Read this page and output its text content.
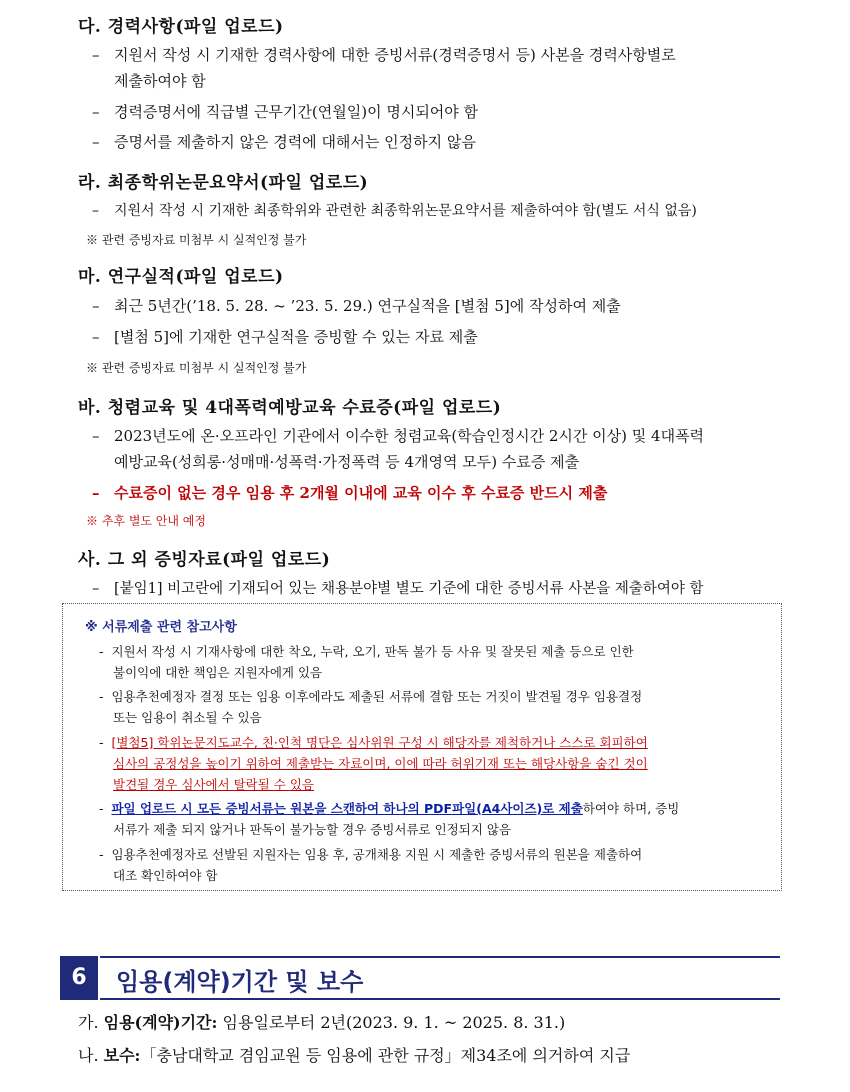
다. 경력사항(파일 업로드)
– 지원서 작성 시 기재한 경력사항에 대한 증빙서류(경력증명서 등) 사본을 경력사항별로
제출하여야 함
– 경력증명서에 직급별 근무기간(연월일)이 명시되어야 함
– 증명서를 제출하지 않은 경력에 대해서는 인정하지 않음
라. 최종학위논문요약서(파일 업로드)
– 지원서 작성 시 기재한 최종학위와 관련한 최종학위논문요약서를 제출하여야 함(별도 서식 없음)
※ 관련 증빙자료 미첨부 시 실적인정 불가
마. 연구실적(파일 업로드)
– 최근 5년간(’18. 5. 28. ~ ’23. 5. 29.) 연구실적을 [별첨 5]에 작성하여 제출
– [별첨 5]에 기재한 연구실적을 증빙할 수 있는 자료 제출
※ 관련 증빙자료 미첨부 시 실적인정 불가
바. 청렴교육 및 4대폭력예방교육 수료증(파일 업로드)
– 2023년도에 온·오프라인 기관에서 이수한 청렴교육(학습인정시간 2시간 이상) 및 4대폭력
예방교육(성희롱·성매매·성폭력·가정폭력 등 4개영역 모두) 수료증 제출
– 수료증이 없는 경우 임용 후 2개월 이내에 교육 이수 후 수료증 반드시 제출
※ 추후 별도 안내 예정
사. 그 외 증빙자료(파일 업로드)
– [붙임1] 비고란에 기재되어 있는 채용분야별 별도 기준에 대한 증빙서류 사본을 제출하여야 함
※ 서류제출 관련 참고사항
- 지원서 작성 시 기재사항에 대한 착오, 누락, 오기, 판독 불가 등 사유 및 잘못된 제출 등으로 인한
불이익에 대한 책임은 지원자에게 있음
- 임용추천예정자 결정 또는 임용 이후에라도 제출된 서류에 결함 또는 거짓이 발견될 경우 임용결정
또는 임용이 취소될 수 있음
- [별첨5] 학위논문지도교수, 친·인척 명단은 심사위원 구성 시 해당자를 제척하거나 스스로 회피하여
심사의 공정성을 높이기 위하여 제출받는 자료이며, 이에 따라 허위기재 또는 해당사항을 숨긴 것이
발견될 경우 심사에서 탈락될 수 있음
- 파일 업로드 시 모든 증빙서류는 원본을 스캔하여 하나의 PDF파일(A4사이즈)로 제출하여야 하며, 증빙
서류가 제출 되지 않거나 판독이 불가능할 경우 증빙서류로 인정되지 않음
- 임용추천예정자로 선발된 지원자는 임용 후, 공개채용 지원 시 제출한 증빙서류의 원본을 제출하여
대조 확인하여야 함
6	임용(계약)기간 및 보수
가. 임용(계약)기간: 임용일로부터 2년(2023. 9. 1. ~ 2025. 8. 31.)
나. 보수:「충남대학교 겸임교원 등 임용에 관한 규정」제34조에 의거하여 지급
